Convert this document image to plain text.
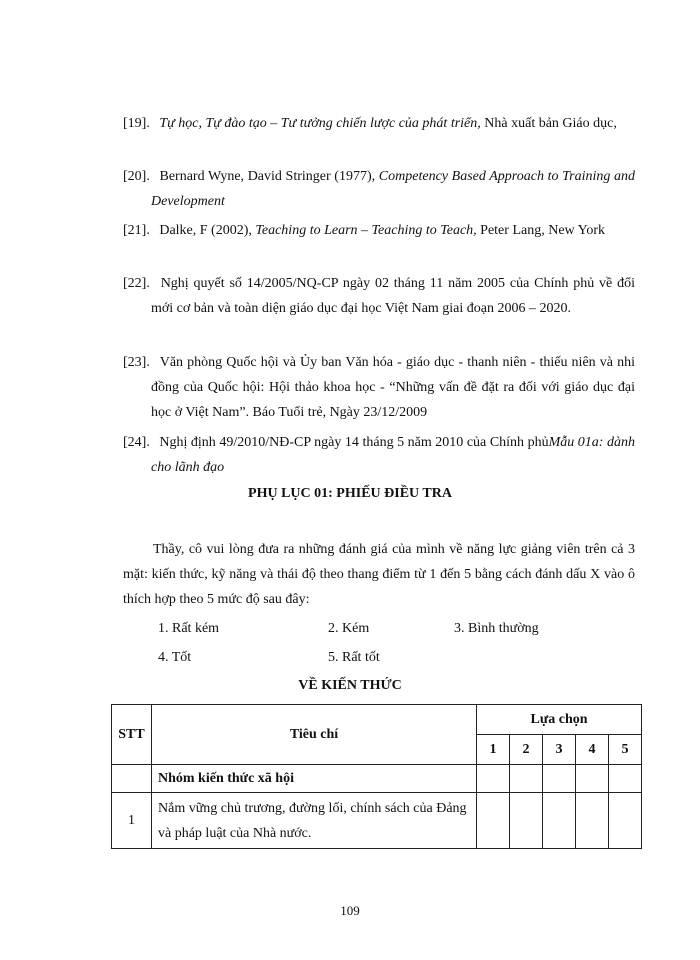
[19]. Tự học, Tự đào tạo – Tư tưởng chiến lược của phát triển, Nhà xuất bản Giáo dục,
[20]. Bernard Wyne, David Stringer (1977), Competency Based Approach to Training and Development
[21]. Dalke, F (2002), Teaching to Learn – Teaching to Teach, Peter Lang, New York
[22]. Nghị quyết số 14/2005/NQ-CP ngày 02 tháng 11 năm 2005 của Chính phủ về đổi mới cơ bản và toàn diện giáo dục đại học Việt Nam giai đoạn 2006 – 2020.
[23]. Văn phòng Quốc hội và Ủy ban Văn hóa - giáo dục - thanh niên - thiếu niên và nhi đồng của Quốc hội: Hội thảo khoa học - “Những vấn đề đặt ra đối với giáo dục đại học ở Việt Nam”. Báo Tuổi trẻ, Ngày 23/12/2009
[24]. Nghị định 49/2010/NĐ-CP ngày 14 tháng 5 năm 2010 của Chính phủMẫu 01a: dành cho lãnh đạo
PHỤ LỤC 01: PHIẾU ĐIỀU TRA
Thầy, cô vui lòng đưa ra những đánh giá của mình về năng lực giảng viên trên cả 3 mặt: kiến thức, kỹ năng và thái độ theo thang điểm từ 1 đến 5 bằng cách đánh dấu X vào ô thích hợp theo 5 mức độ sau đây:
1. Rất kém	2. Kém	3. Bình thường
4. Tốt	5. Rất tốt
VỀ KIẾN THỨC
STT	Tiêu chí	Lựa chọn				
		1	2	3	4	5
	Nhóm kiến thức xã hội					
1	Nắm vững chủ trương, đường lối, chính sách của Đảng và pháp luật của Nhà nước.					
109
